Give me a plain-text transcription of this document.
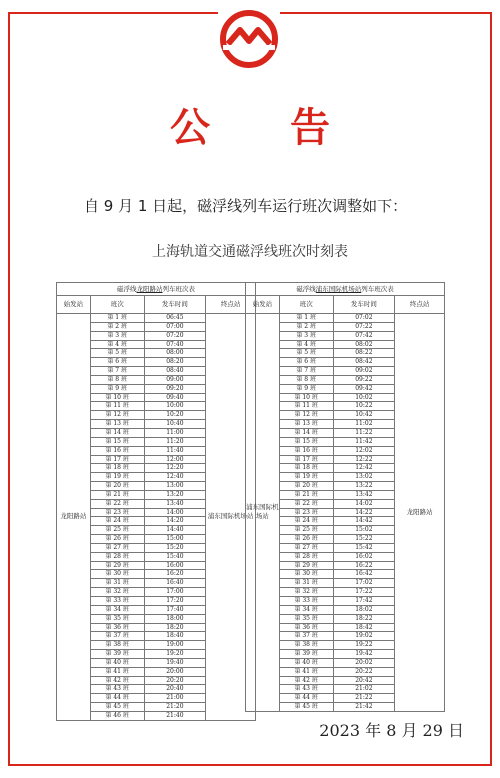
公告
自 9 月 1 日起，磁浮线列车运行班次调整如下：
上海轨道交通磁浮线班次时刻表
磁浮线龙阳路站列车班次表			
始发站	班次	发车时间	终点站
龙阳路站	第 1 班	06:45	浦东国际机场站
	第 2 班	07:00	
	第 3 班	07:20	
	第 4 班	07:40	
	第 5 班	08:00	
	第 6 班	08:20	
	第 7 班	08:40	
	第 8 班	09:00	
	第 9 班	09:20	
	第 10 班	09:40	
	第 11 班	10:00	
	第 12 班	10:20	
	第 13 班	10:40	
	第 14 班	11:00	
	第 15 班	11:20	
	第 16 班	11:40	
	第 17 班	12:00	
	第 18 班	12:20	
	第 19 班	12:40	
	第 20 班	13:00	
	第 21 班	13:20	
	第 22 班	13:40	
	第 23 班	14:00	
	第 24 班	14:20	
	第 25 班	14:40	
	第 26 班	15:00	
	第 27 班	15:20	
	第 28 班	15:40	
	第 29 班	16:00	
	第 30 班	16:20	
	第 31 班	16:40	
	第 32 班	17:00	
	第 33 班	17:20	
	第 34 班	17:40	
	第 35 班	18:00	
	第 36 班	18:20	
	第 37 班	18:40	
	第 38 班	19:00	
	第 39 班	19:20	
	第 40 班	19:40	
	第 41 班	20:00	
	第 42 班	20:20	
	第 43 班	20:40	
	第 44 班	21:00	
	第 45 班	21:20	
	第 46 班	21:40	
磁浮线浦东国际机场站列车班次表			
始发站	班次	发车时间	终点站
浦东国际机场站	第 1 班	07:02	龙阳路站
	第 2 班	07:22	
	第 3 班	07:42	
	第 4 班	08:02	
	第 5 班	08:22	
	第 6 班	08:42	
	第 7 班	09:02	
	第 8 班	09:22	
	第 9 班	09:42	
	第 10 班	10:02	
	第 11 班	10:22	
	第 12 班	10:42	
	第 13 班	11:02	
	第 14 班	11:22	
	第 15 班	11:42	
	第 16 班	12:02	
	第 17 班	12:22	
	第 18 班	12:42	
	第 19 班	13:02	
	第 20 班	13:22	
	第 21 班	13:42	
	第 22 班	14:02	
	第 23 班	14:22	
	第 24 班	14:42	
	第 25 班	15:02	
	第 26 班	15:22	
	第 27 班	15:42	
	第 28 班	16:02	
	第 29 班	16:22	
	第 30 班	16:42	
	第 31 班	17:02	
	第 32 班	17:22	
	第 33 班	17:42	
	第 34 班	18:02	
	第 35 班	18:22	
	第 36 班	18:42	
	第 37 班	19:02	
	第 38 班	19:22	
	第 39 班	19:42	
	第 40 班	20:02	
	第 41 班	20:22	
	第 42 班	20:42	
	第 43 班	21:02	
	第 44 班	21:22	
	第 45 班	21:42	
2023 年 8 月 29 日
